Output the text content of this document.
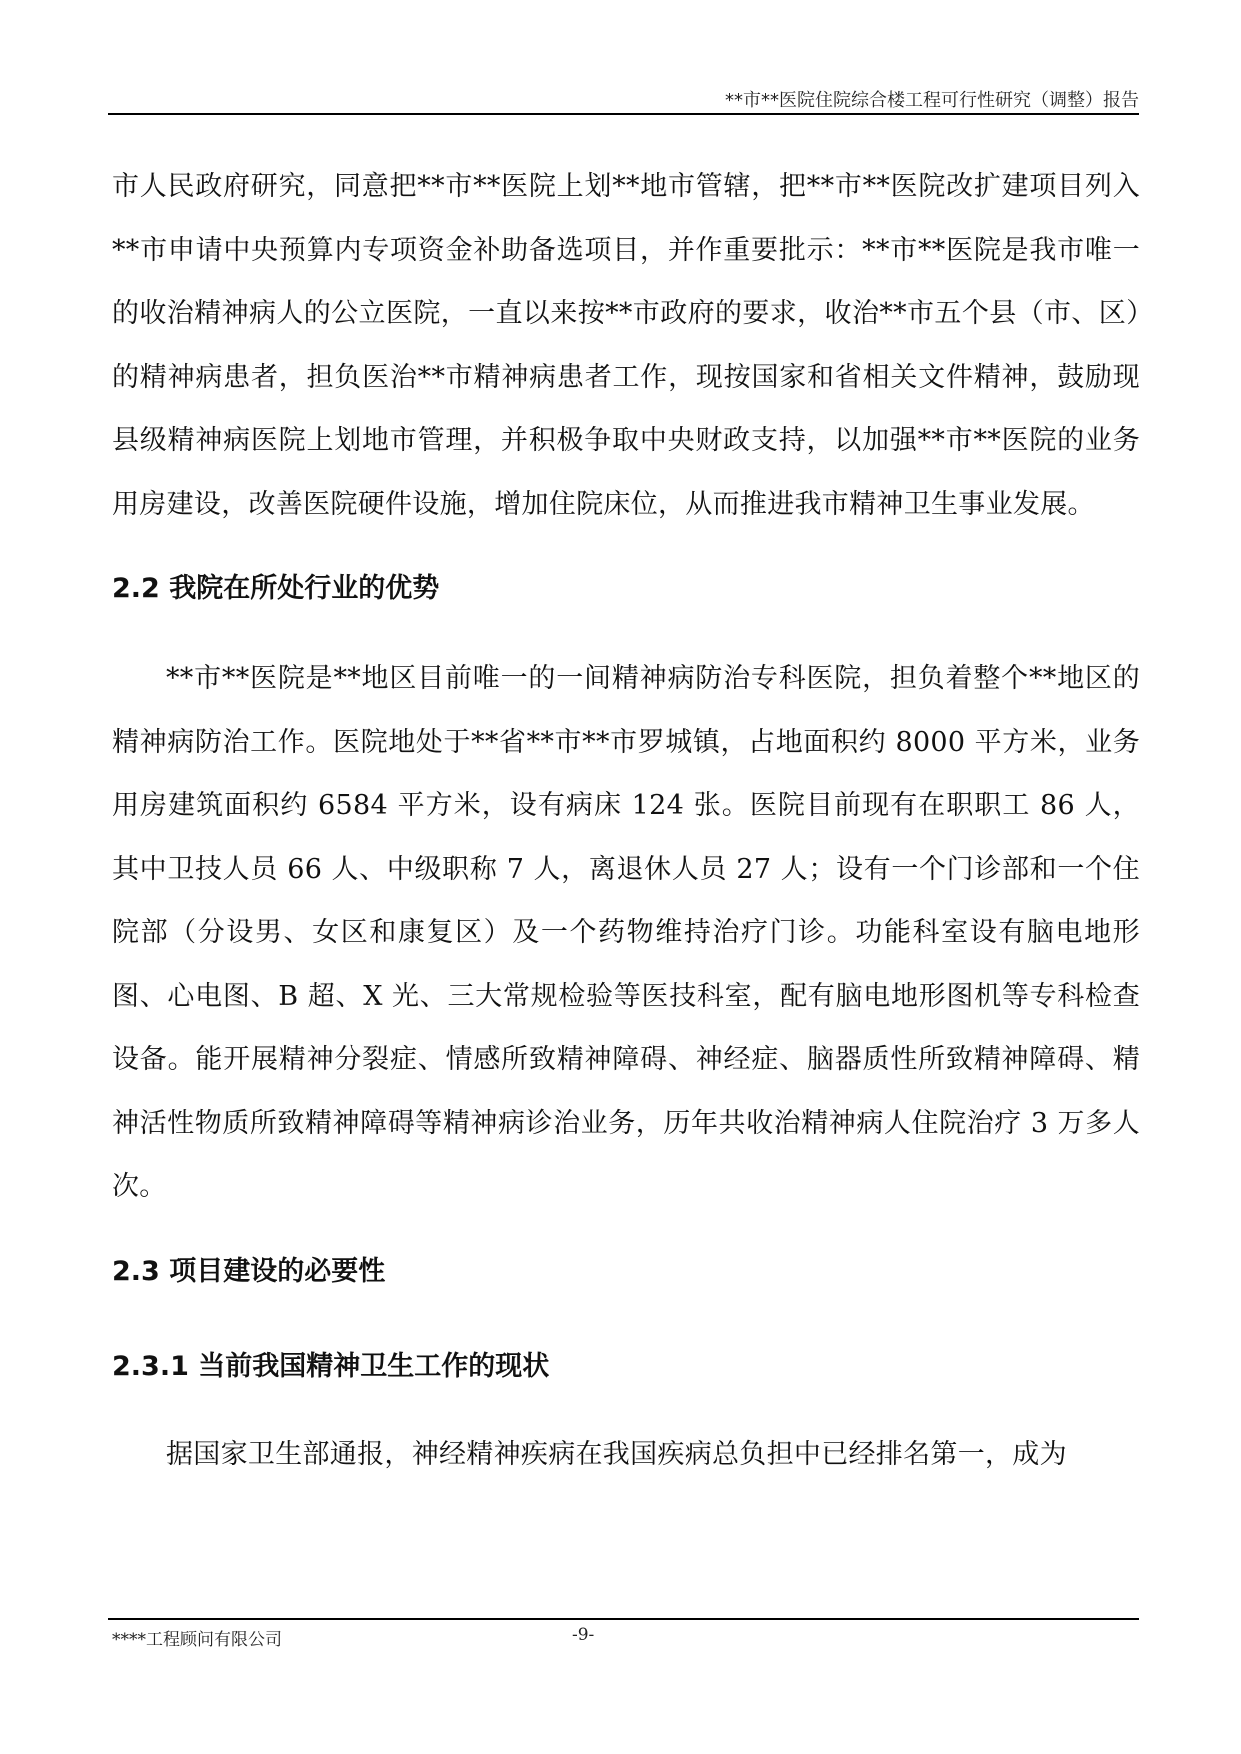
**市**医院住院综合楼工程可行性研究（调整）报告

市人民政府研究，同意把**市**医院上划**地市管辖，把**市**医院改扩建项目列入**市申请中央预算内专项资金补助备选项目，并作重要批示：**市**医院是我市唯一的收治精神病人的公立医院，一直以来按**市政府的要求，收治**市五个县（市、区）的精神病患者，担负医治**市精神病患者工作，现按国家和省相关文件精神，鼓励现县级精神病医院上划地市管理，并积极争取中央财政支持，以加强**市**医院的业务用房建设，改善医院硬件设施，增加住院床位，从而推进我市精神卫生事业发展。

2.2 我院在所处行业的优势

**市**医院是**地区目前唯一的一间精神病防治专科医院，担负着整个**地区的精神病防治工作。医院地处于**省**市**市罗城镇，占地面积约 8000 平方米，业务用房建筑面积约 6584 平方米，设有病床 124 张。医院目前现有在职职工 86 人，其中卫技人员 66 人、中级职称 7 人，离退休人员 27 人；设有一个门诊部和一个住院部（分设男、女区和康复区）及一个药物维持治疗门诊。功能科室设有脑电地形图、心电图、B 超、X 光、三大常规检验等医技科室，配有脑电地形图机等专科检查设备。能开展精神分裂症、情感所致精神障碍、神经症、脑器质性所致精神障碍、精神活性物质所致精神障碍等精神病诊治业务，历年共收治精神病人住院治疗 3 万多人次。

2.3 项目建设的必要性

2.3.1 当前我国精神卫生工作的现状

据国家卫生部通报，神经精神疾病在我国疾病总负担中已经排名第一，成为

****工程顾问有限公司	-9-
